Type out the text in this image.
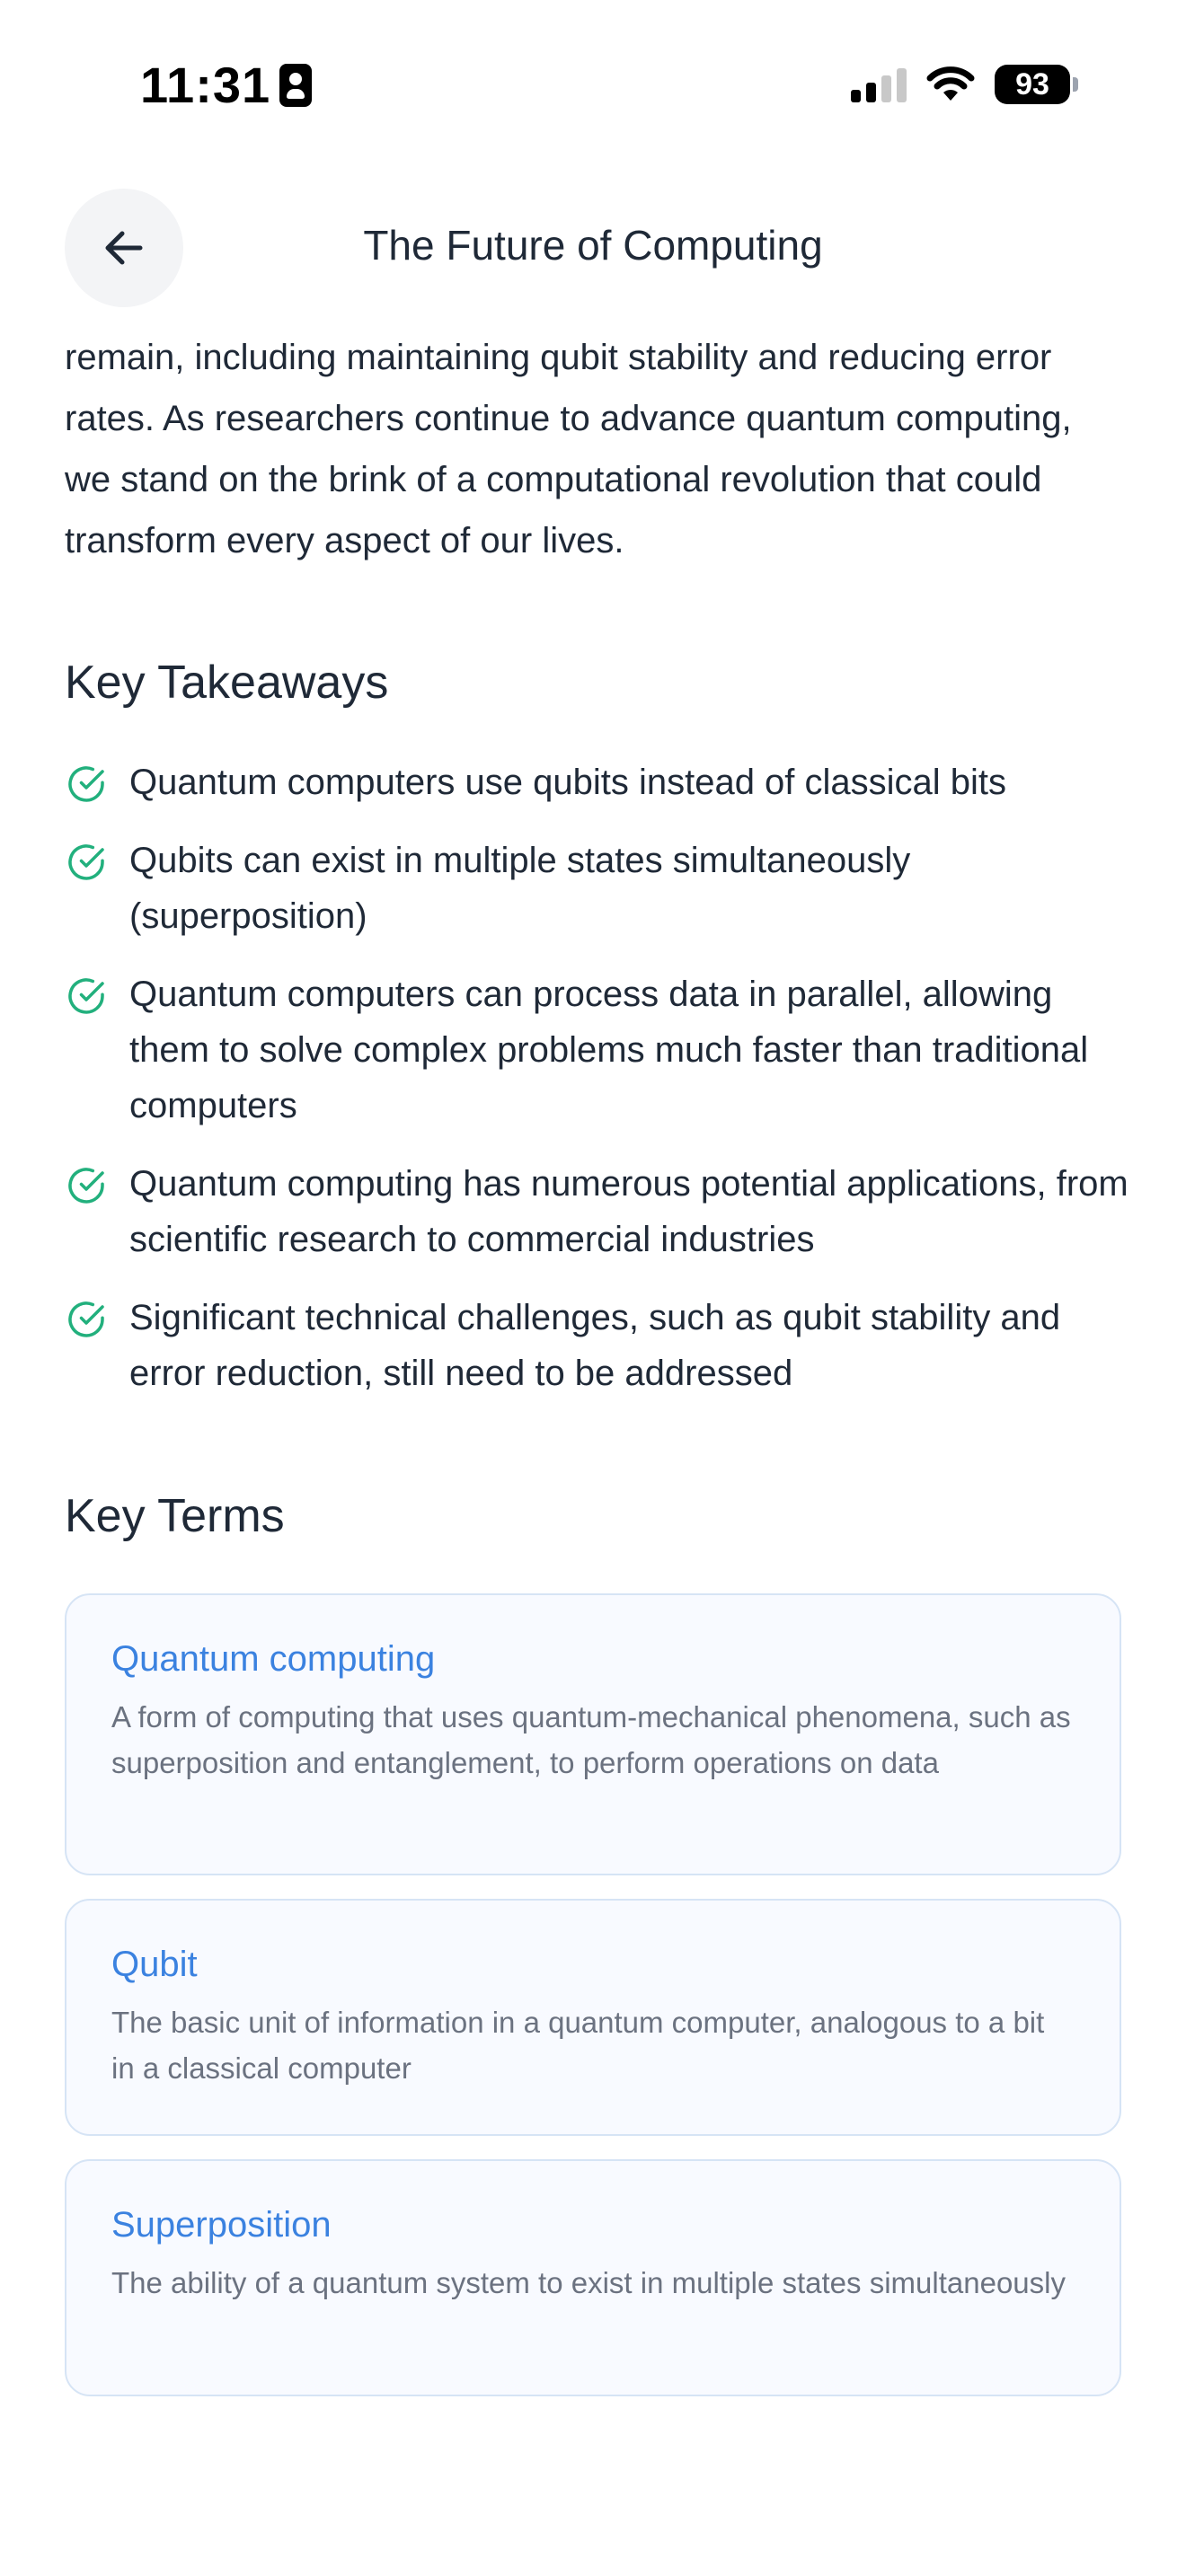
11:31	93
The Future of Computing
remain, including maintaining qubit stability and reducing error rates. As researchers continue to advance quantum computing, we stand on the brink of a computational revolution that could transform every aspect of our lives.
Key Takeaways
Quantum computers use qubits instead of classical bits
Qubits can exist in multiple states simultaneously (superposition)
Quantum computers can process data in parallel, allowing them to solve complex problems much faster than traditional computers
Quantum computing has numerous potential applications, from scientific research to commercial industries
Significant technical challenges, such as qubit stability and error reduction, still need to be addressed
Key Terms
Quantum computing
A form of computing that uses quantum-mechanical phenomena, such as superposition and entanglement, to perform operations on data
Qubit
The basic unit of information in a quantum computer, analogous to a bit in a classical computer
Superposition
The ability of a quantum system to exist in multiple states simultaneously
